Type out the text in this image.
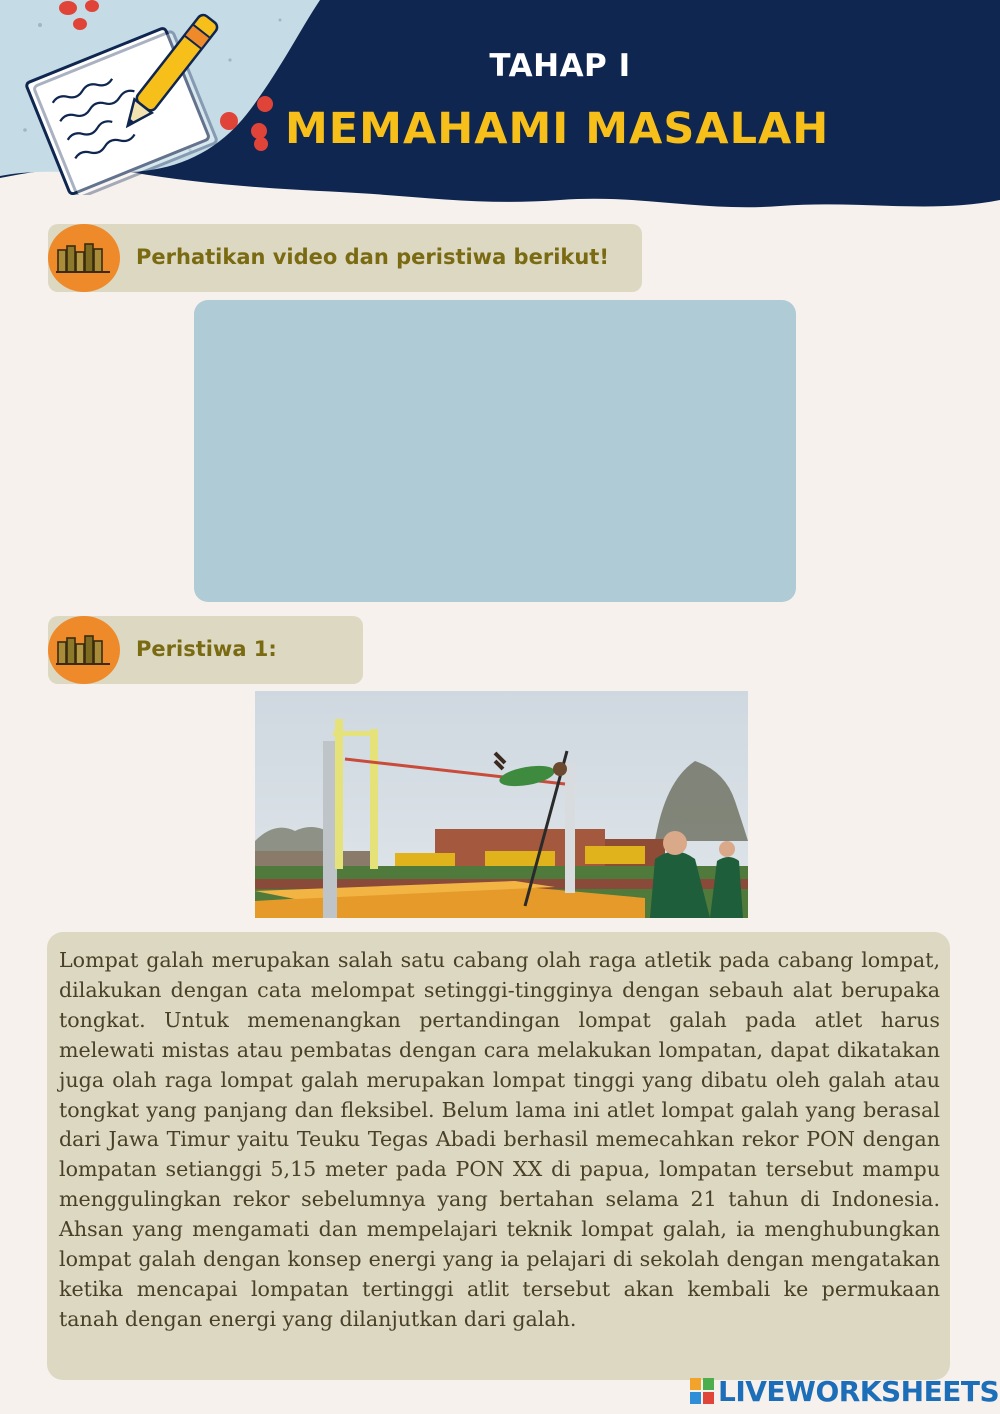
TAHAP I
MEMAHAMI MASALAH
Perhatikan video dan peristiwa berikut!
Peristiwa 1:

Lompat galah merupakan salah satu cabang olah raga atletik pada cabang lompat, dilakukan dengan cata melompat setinggi-tingginya dengan sebauh alat berupaka tongkat. Untuk memenangkan pertandingan lompat galah pada atlet harus melewati mistas atau pembatas dengan cara melakukan lompatan, dapat dikatakan juga olah raga lompat galah merupakan lompat tinggi yang dibatu oleh galah atau tongkat yang panjang dan fleksibel. Belum lama ini atlet lompat galah yang berasal dari Jawa Timur yaitu Teuku Tegas Abadi berhasil memecahkan rekor PON dengan lompatan setianggi 5,15 meter pada PON XX di papua, lompatan tersebut mampu menggulingkan rekor sebelumnya yang bertahan selama 21 tahun di Indonesia. Ahsan yang mengamati dan mempelajari teknik lompat galah, ia menghubungkan lompat galah dengan konsep energi yang ia pelajari di sekolah dengan mengatakan ketika mencapai lompatan tertinggi atlit tersebut akan kembali ke permukaan tanah dengan energi yang dilanjutkan dari galah.

LIVEWORKSHEETS
